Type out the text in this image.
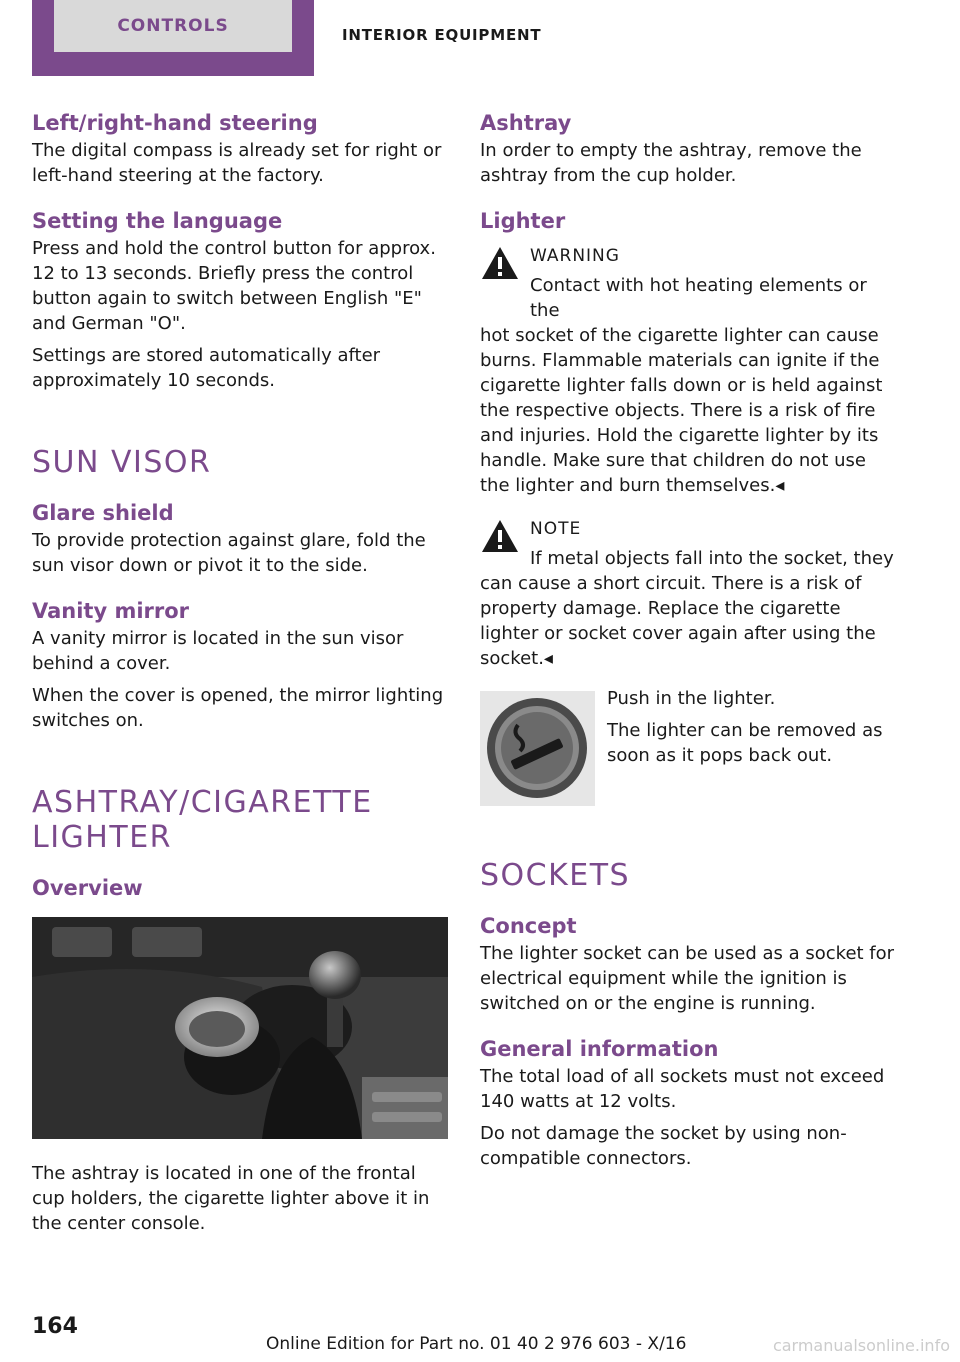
CONTROLS	INTERIOR EQUIPMENT
Left/right-hand steering

The digital compass is already set for right or left-hand steering at the factory.

Setting the language

Press and hold the control button for approx. 12 to 13 seconds. Briefly press the control button again to switch between English "E" and German "O".

Settings are stored automatically after approximately 10 seconds.

SUN VISOR
Glare shield

To provide protection against glare, fold the sun visor down or pivot it to the side.

Vanity mirror

A vanity mirror is located in the sun visor behind a cover.

When the cover is opened, the mirror lighting switches on.

ASHTRAY/CIGARETTE
LIGHTER
Overview

The ashtray is located in one of the frontal cup holders, the cigarette lighter above it in the center console.

Ashtray

In order to empty the ashtray, remove the ashtray from the cup holder.

Lighter
WARNING

Contact with hot heating elements or the

hot socket of the cigarette lighter can cause burns. Flammable materials can ignite if the cigarette lighter falls down or is held against the respective objects. There is a risk of fire and injuries. Hold the cigarette lighter by its handle. Make sure that children do not use the lighter and burn themselves.◂

NOTE

If metal objects fall into the socket, they

can cause a short circuit. There is a risk of property damage. Replace the cigarette lighter or socket cover again after using the socket.◂

Push in the lighter.

The lighter can be removed as soon as it pops back out.

SOCKETS
Concept

The lighter socket can be used as a socket for electrical equipment while the ignition is switched on or the engine is running.

General information

The total load of all sockets must not exceed 140 watts at 12 volts.

Do not damage the socket by using non-compatible connectors.

164
Online Edition for Part no. 01 40 2 976 603 - X/16	carmanualsonline.info
